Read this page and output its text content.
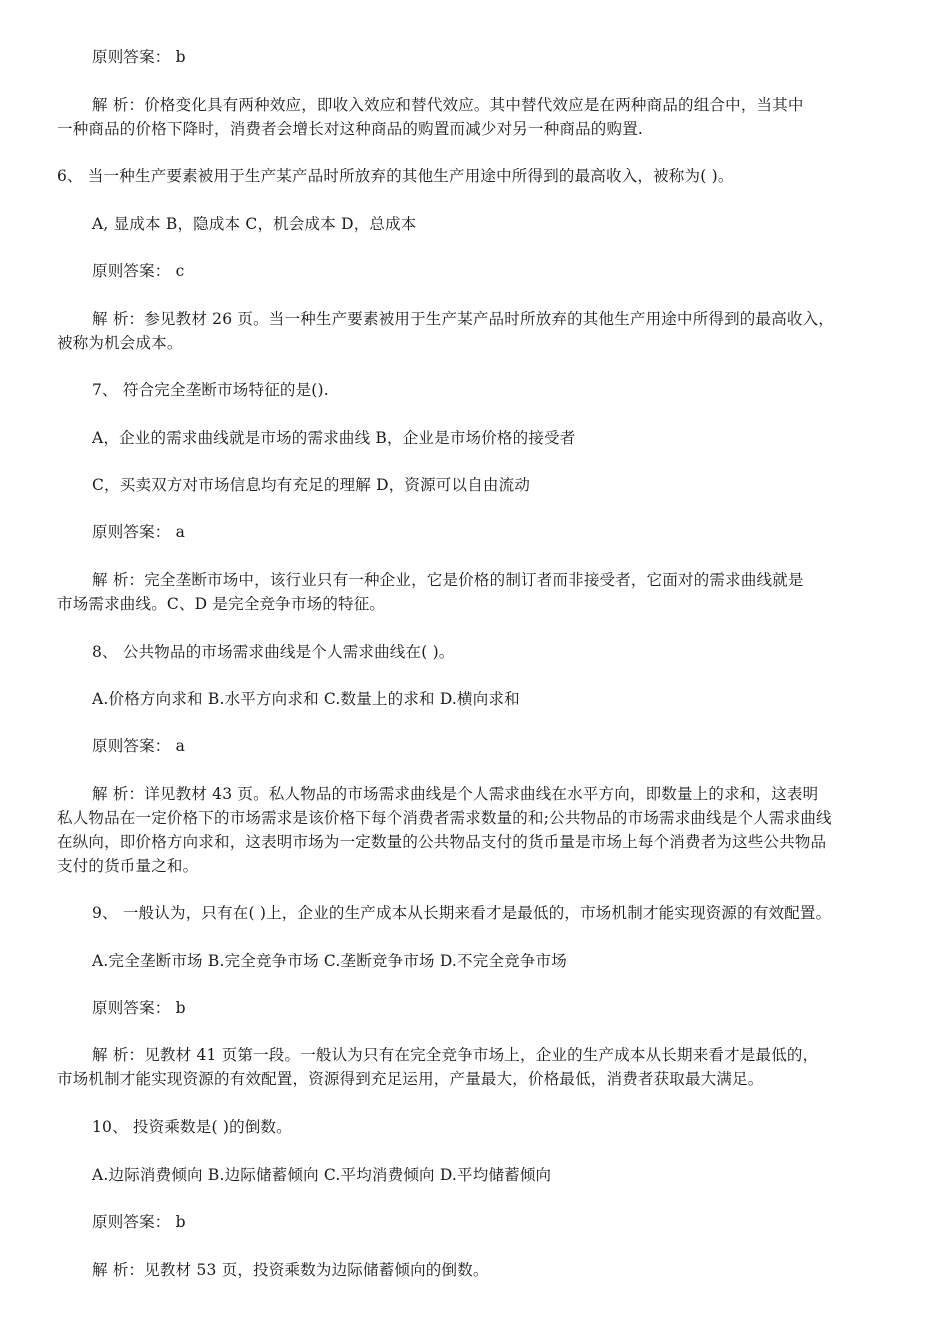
原则答案： b
解 析：价格变化具有两种效应，即收入效应和替代效应。其中替代效应是在两种商品的组合中，当其中
一种商品的价格下降时，消费者会增长对这种商品的购置而减少对另一种商品的购置.
6、 当一种生产要素被用于生产某产品时所放弃的其他生产用途中所得到的最高收入，被称为( )。
A, 显成本 B，隐成本 C，机会成本 D，总成本
原则答案： c
解 析：参见教材 26 页。当一种生产要素被用于生产某产品时所放弃的其他生产用途中所得到的最高收入，
被称为机会成本。
7、 符合完全垄断市场特征的是().
A，企业的需求曲线就是市场的需求曲线 B，企业是市场价格的接受者
C，买卖双方对市场信息均有充足的理解 D，资源可以自由流动
原则答案： a
解 析：完全垄断市场中，该行业只有一种企业，它是价格的制订者而非接受者，它面对的需求曲线就是
市场需求曲线。C、D 是完全竞争市场的特征。
8、 公共物品的市场需求曲线是个人需求曲线在( )。
A.价格方向求和 B.水平方向求和 C.数量上的求和 D.横向求和
原则答案： a
解 析：详见教材 43 页。私人物品的市场需求曲线是个人需求曲线在水平方向，即数量上的求和，这表明
私人物品在一定价格下的市场需求是该价格下每个消费者需求数量的和;公共物品的市场需求曲线是个人需求曲线
在纵向，即价格方向求和，这表明市场为一定数量的公共物品支付的货币量是市场上每个消费者为这些公共物品
支付的货币量之和。
9、 一般认为，只有在( )上，企业的生产成本从长期来看才是最低的，市场机制才能实现资源的有效配置。
A.完全垄断市场 B.完全竞争市场 C.垄断竞争市场 D.不完全竞争市场
原则答案： b
解 析：见教材 41 页第一段。一般认为只有在完全竞争市场上，企业的生产成本从长期来看才是最低的，
市场机制才能实现资源的有效配置，资源得到充足运用，产量最大，价格最低，消费者获取最大满足。
10、 投资乘数是( )的倒数。
A.边际消费倾向 B.边际储蓄倾向 C.平均消费倾向 D.平均储蓄倾向
原则答案： b
解 析：见教材 53 页，投资乘数为边际储蓄倾向的倒数。
